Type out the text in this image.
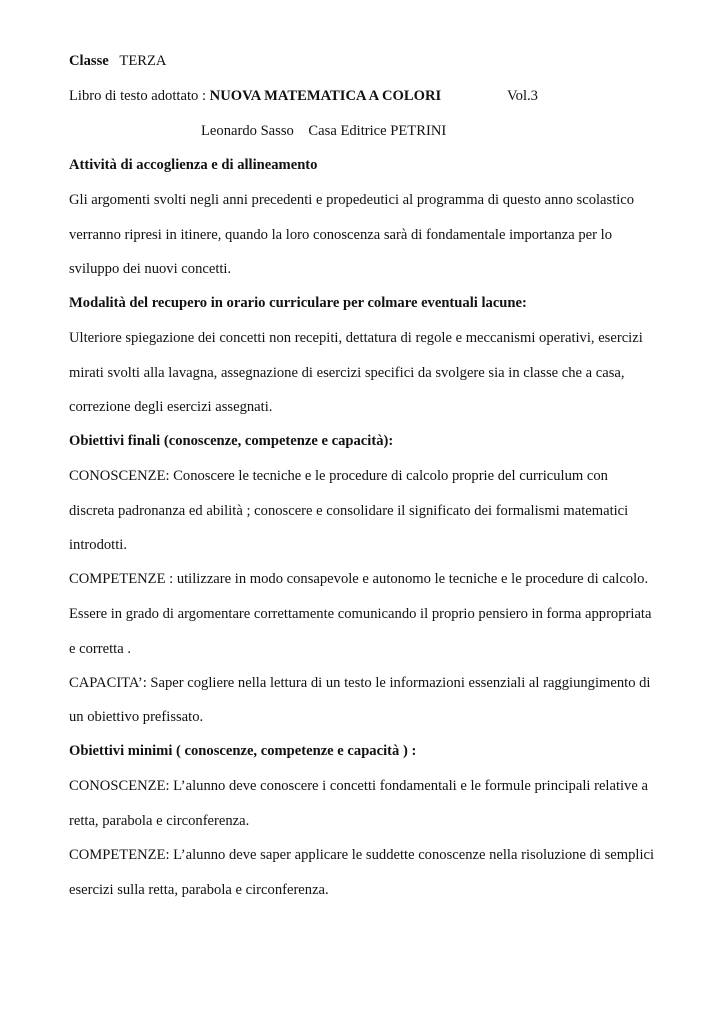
Classe TERZA
Libro di testo adottato : NUOVA MATEMATICA A COLORI	Vol.3
Leonardo Sasso Casa Editrice PETRINI
Attività di accoglienza e di allineamento
Gli argomenti svolti negli anni precedenti e propedeutici al programma di questo anno scolastico
verranno ripresi in itinere, quando la loro conoscenza sarà di fondamentale importanza per lo
sviluppo dei nuovi concetti.
Modalità del recupero in orario curriculare per colmare eventuali lacune:
Ulteriore spiegazione dei concetti non recepiti, dettatura di regole e meccanismi operativi, esercizi
mirati svolti alla lavagna, assegnazione di esercizi specifici da svolgere sia in classe che a casa,
correzione degli esercizi assegnati.
Obiettivi finali (conoscenze, competenze e capacità):
CONOSCENZE: Conoscere le tecniche e le procedure di calcolo proprie del curriculum con
discreta padronanza ed abilità ; conoscere e consolidare il significato dei formalismi matematici
introdotti.
COMPETENZE : utilizzare in modo consapevole e autonomo le tecniche e le procedure di calcolo.
Essere in grado di argomentare correttamente comunicando il proprio pensiero in forma appropriata
e corretta .
CAPACITA’: Saper cogliere nella lettura di un testo le informazioni essenziali al raggiungimento di
un obiettivo prefissato.
Obiettivi minimi ( conoscenze, competenze e capacità ) :
CONOSCENZE: L’alunno deve conoscere i concetti fondamentali e le formule principali relative a
retta, parabola e circonferenza.
COMPETENZE: L’alunno deve saper applicare le suddette conoscenze nella risoluzione di semplici
esercizi sulla retta, parabola e circonferenza.
